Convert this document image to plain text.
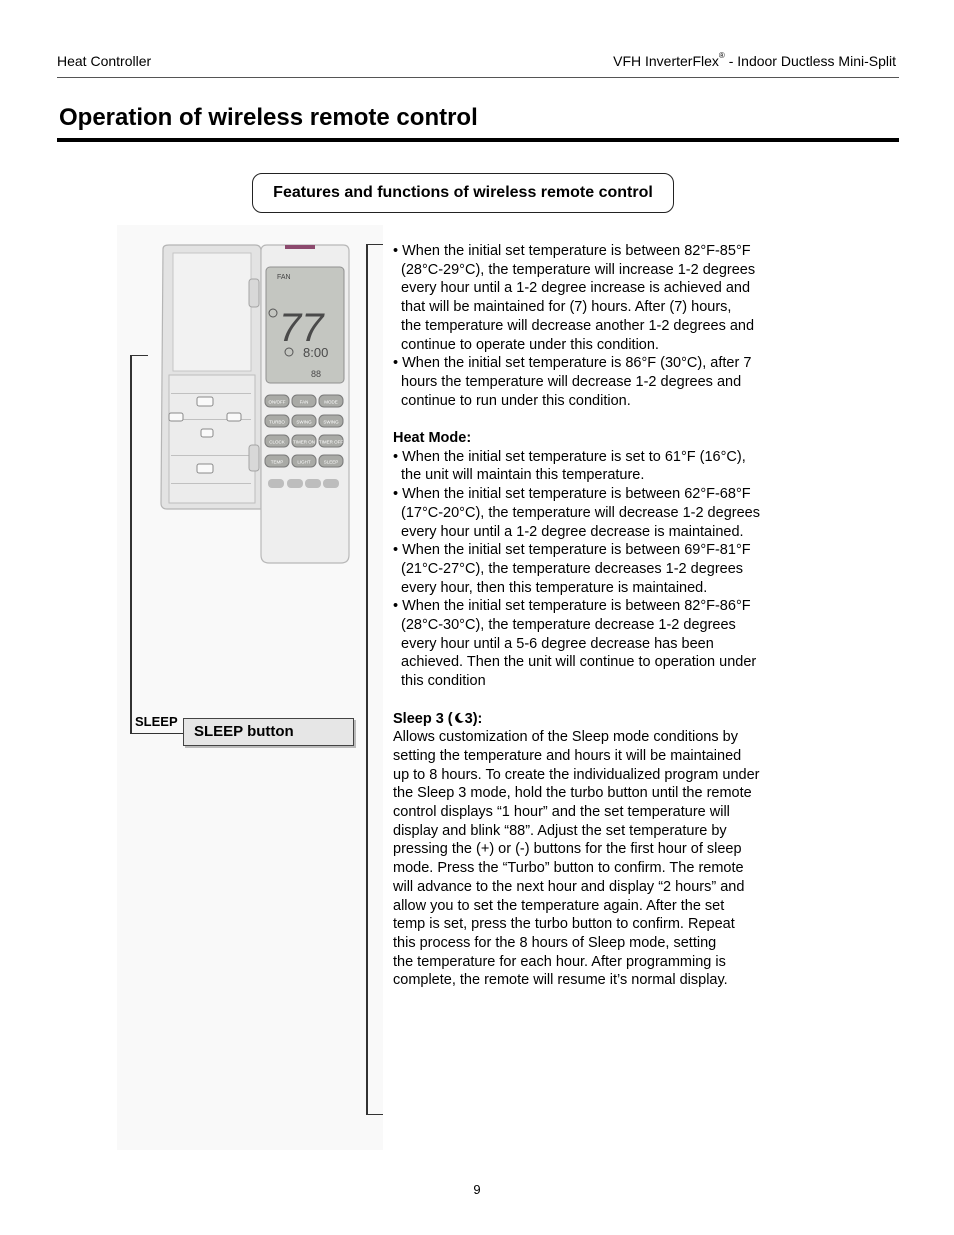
Heat Controller	VFH InverterFlex® - Indoor Ductless Mini-Split
Operation of wireless remote control
Features and functions of wireless remote control
FAN
77
8:00
88
ON/OFF	FAN	MODE
TURBO	SWING	SWING
CLOCK TIMER ON TIMER OFF
TEMP	LIGHT	SLEEP
SLEEP
SLEEP button
• When the initial set temperature is between 82°F-85°F
(28°C-29°C), the temperature will increase 1-2 degrees
every hour until a 1-2 degree increase is achieved and
that will be maintained for (7) hours. After (7) hours,
the temperature will decrease another 1-2 degrees and
continue to operate under this condition.
• When the initial set temperature is 86°F (30°C), after 7
hours the temperature will decrease 1-2 degrees and
continue to run under this condition.
Heat Mode:
• When the initial set temperature is set to 61°F (16°C),
the unit will maintain this temperature.
• When the initial set temperature is between 62°F-68°F
(17°C-20°C), the temperature will decrease 1-2 degrees
every hour until a 1-2 degree decrease is maintained.
• When the initial set temperature is between 69°F-81°F
(21°C-27°C), the temperature decreases 1-2 degrees
every hour, then this temperature is maintained.
• When the initial set temperature is between 82°F-86°F
(28°C-30°C), the temperature decrease 1-2 degrees
every hour until a 5-6 degree decrease has been
achieved. Then the unit will continue to operation under
this condition
Sleep 3 ( 3):
Allows customization of the Sleep mode conditions by
setting the temperature and hours it will be maintained
up to 8 hours. To create the individualized program under
the Sleep 3 mode, hold the turbo button until the remote
control displays “1 hour” and the set temperature will
display and blink “88”. Adjust the set temperature by
pressing the (+) or (-) buttons for the first hour of sleep
mode. Press the “Turbo” button to confirm. The remote
will advance to the next hour and display “2 hours” and
allow you to set the temperature again. After the set
temp is set, press the turbo button to confirm. Repeat
this process for the 8 hours of Sleep mode, setting
the temperature for each hour. After programming is
complete, the remote will resume it’s normal display.
9
